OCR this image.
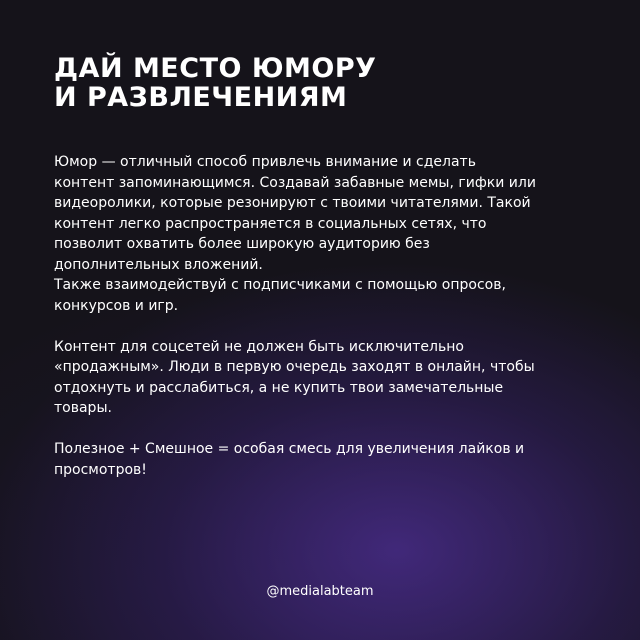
ДАЙ МЕСТО ЮМОРУ
И РАЗВЛЕЧЕНИЯМ

Юмор — отличный способ привлечь внимание и сделать
контент запоминающимся. Создавай забавные мемы, гифки или
видеоролики, которые резонируют с твоими читателями. Такой
контент легко распространяется в социальных сетях, что
позволит охватить более широкую аудиторию без
дополнительных вложений.
Также взаимодействуй с подписчиками с помощью опросов,
конкурсов и игр.

Контент для соцсетей не должен быть исключительно
«продажным». Люди в первую очередь заходят в онлайн, чтобы
отдохнуть и расслабиться, а не купить твои замечательные
товары.

Полезное + Смешное = особая смесь для увеличения лайков и
просмотров!

@medialabteam
